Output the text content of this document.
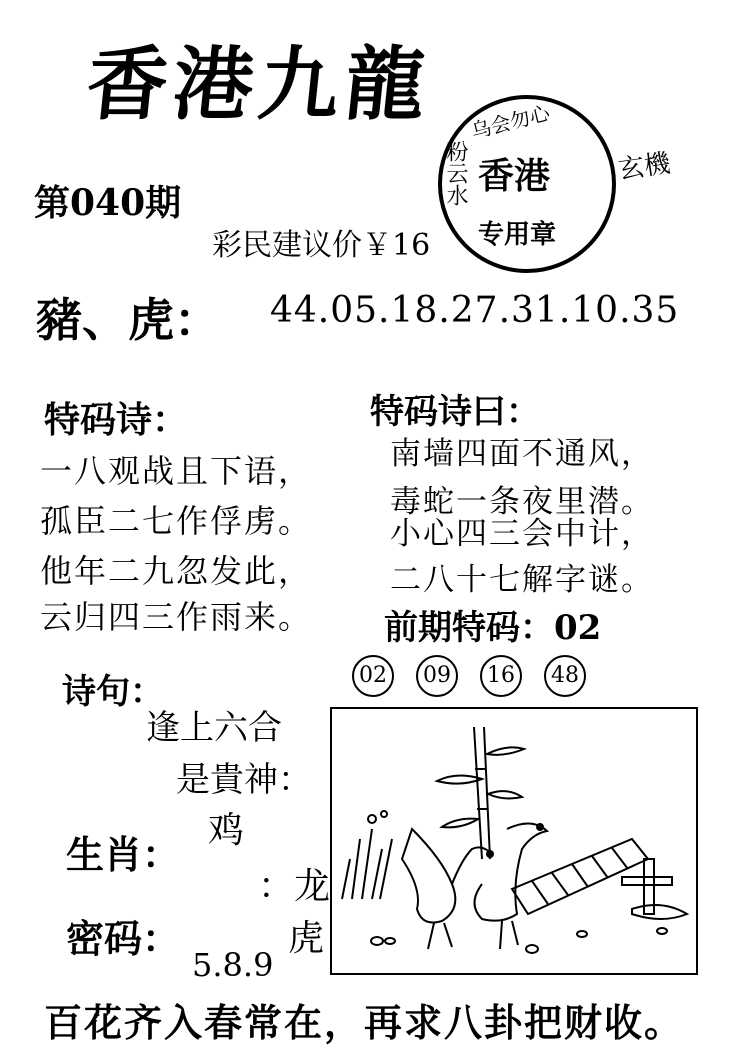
香港九龍 乌会勿心
粉云水 香港	玄機
专用章
第040期
彩民建议价￥16
豬、虎： 44.05.18.27.31.10.35
特码诗：
一八观战且下语，
孤臣二七作俘虏。
他年二九忽发此，
云归四三作雨来。
特码诗曰：
南墙四面不通风，
毒蛇一条夜里潜。
小心四三会中计，
二八十七解字谜。
前期特码：02
02 09 16 48
诗句：
逢上六合
是貴神：
鸡
生肖：
：龙
密码：	虎
5.8.9
百花齐入春常在，再求八卦把财收。
